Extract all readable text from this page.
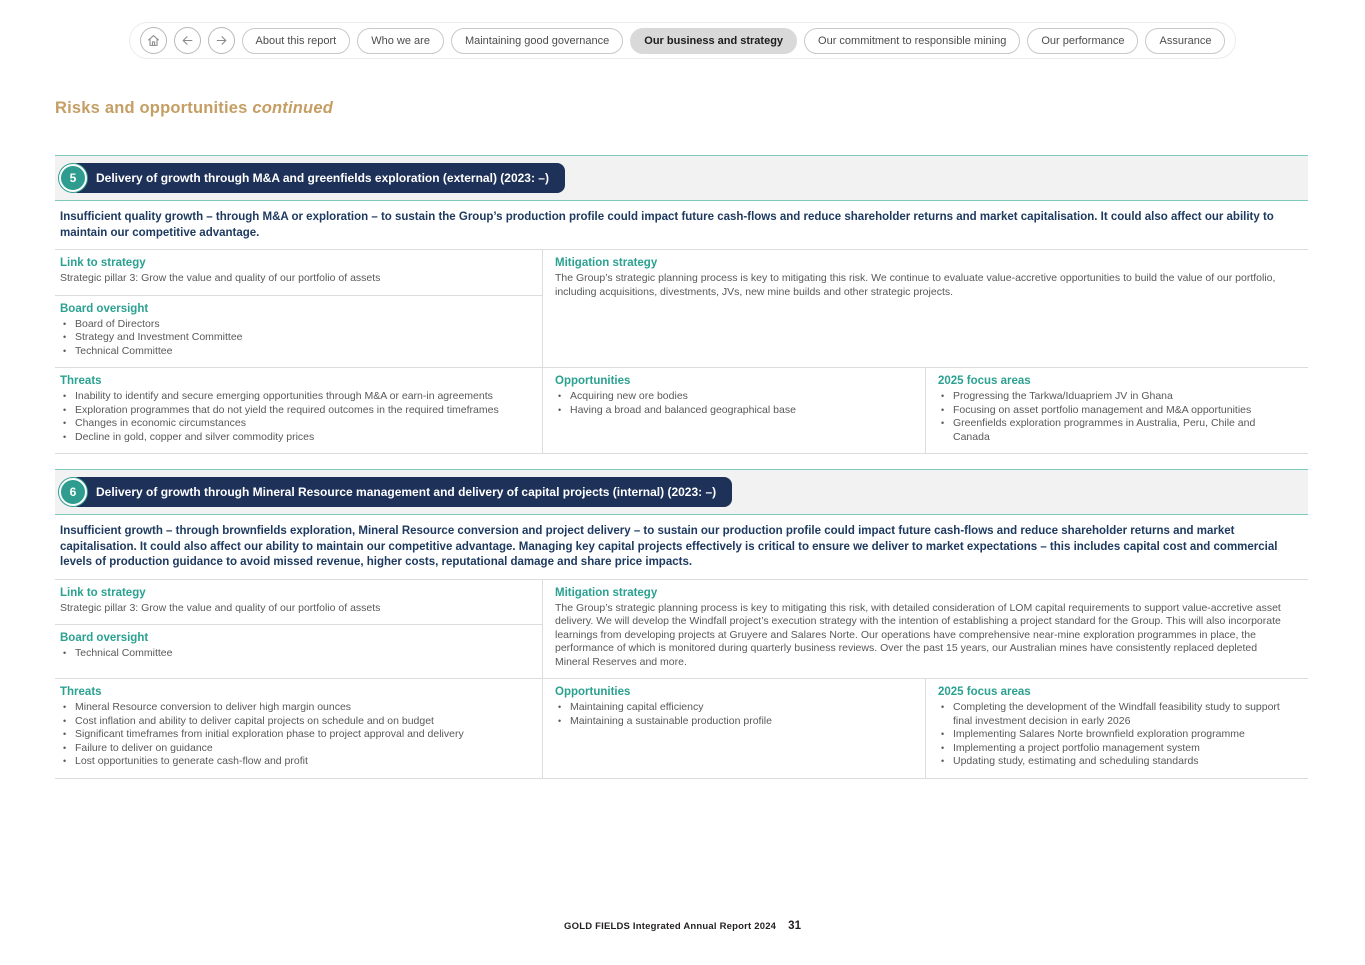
About this report	Who we are	Maintaining good governance	Our business and strategy	Our commitment to responsible mining	Our performance	Assurance
Risks and opportunities continued
5	Delivery of growth through M&A and greenfields exploration (external) (2023: –)

Insufficient quality growth – through M&A or exploration – to sustain the Group’s production profile could impact future cash-flows and reduce shareholder returns and market capitalisation. It could also affect our ability to maintain our competitive advantage.

Link to strategy

Strategic pillar 3: Grow the value and quality of our portfolio of assets

Board oversight
• Board of Directors
• Strategy and Investment Committee
• Technical Committee
Mitigation strategy

The Group’s strategic planning process is key to mitigating this risk. We continue to evaluate value-accretive opportunities to build the value of our portfolio, including acquisitions, divestments, JVs, new mine builds and other strategic projects.

Threats
• Inability to identify and secure emerging opportunities through M&A or earn-in agreements
• Exploration programmes that do not yield the required outcomes in the required timeframes
• Changes in economic circumstances
• Decline in gold, copper and silver commodity prices
Opportunities
• Acquiring new ore bodies
• Having a broad and balanced geographical base
2025 focus areas
• Progressing the Tarkwa/Iduapriem JV in Ghana
• Focusing on asset portfolio management and M&A opportunities
• Greenfields exploration programmes in Australia, Peru, Chile and Canada
6	Delivery of growth through Mineral Resource management and delivery of capital projects (internal) (2023: –)

Insufficient growth – through brownfields exploration, Mineral Resource conversion and project delivery – to sustain our production profile could impact future cash-flows and reduce shareholder returns and market capitalisation. It could also affect our ability to maintain our competitive advantage. Managing key capital projects effectively is critical to ensure we deliver to market expectations – this includes capital cost and commercial levels of production guidance to avoid missed revenue, higher costs, reputational damage and share price impacts.

Link to strategy

Strategic pillar 3: Grow the value and quality of our portfolio of assets

Board oversight
• Technical Committee
Mitigation strategy

The Group’s strategic planning process is key to mitigating this risk, with detailed consideration of LOM capital requirements to support value-accretive asset delivery. We will develop the Windfall project’s execution strategy with the intention of establishing a project standard for the Group. This will also incorporate learnings from developing projects at Gruyere and Salares Norte. Our operations have comprehensive near-mine exploration programmes in place, the performance of which is monitored during quarterly business reviews. Over the past 15 years, our Australian mines have consistently replaced depleted Mineral Reserves and more.

Threats
• Mineral Resource conversion to deliver high margin ounces
• Cost inflation and ability to deliver capital projects on schedule and on budget
• Significant timeframes from initial exploration phase to project approval and delivery
• Failure to deliver on guidance
• Lost opportunities to generate cash-flow and profit
Opportunities
• Maintaining capital efficiency
• Maintaining a sustainable production profile
2025 focus areas
• Completing the development of the Windfall feasibility study to support final investment decision in early 2026
• Implementing Salares Norte brownfield exploration programme
• Implementing a project portfolio management system
• Updating study, estimating and scheduling standards
GOLD FIELDS Integrated Annual Report 2024 31
